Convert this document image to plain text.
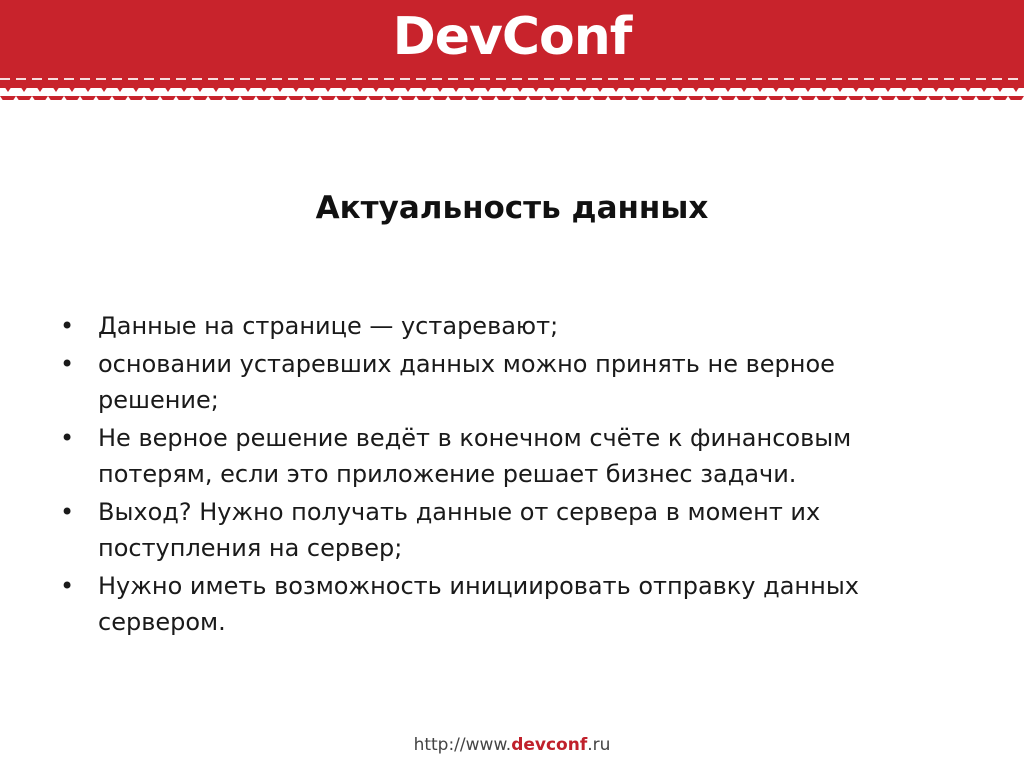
DevConf
Актуальность данных
• Данные на странице — устаревают;
• основании устаревших данных можно принять не верное решение;
• Не верное решение ведёт в конечном счёте к финансовым потерям, если это приложение решает бизнес задачи.
• Выход? Нужно получать данные от сервера в момент их поступления на сервер;
• Нужно иметь возможность инициировать отправку данных сервером.
http://www.devconf.ru
